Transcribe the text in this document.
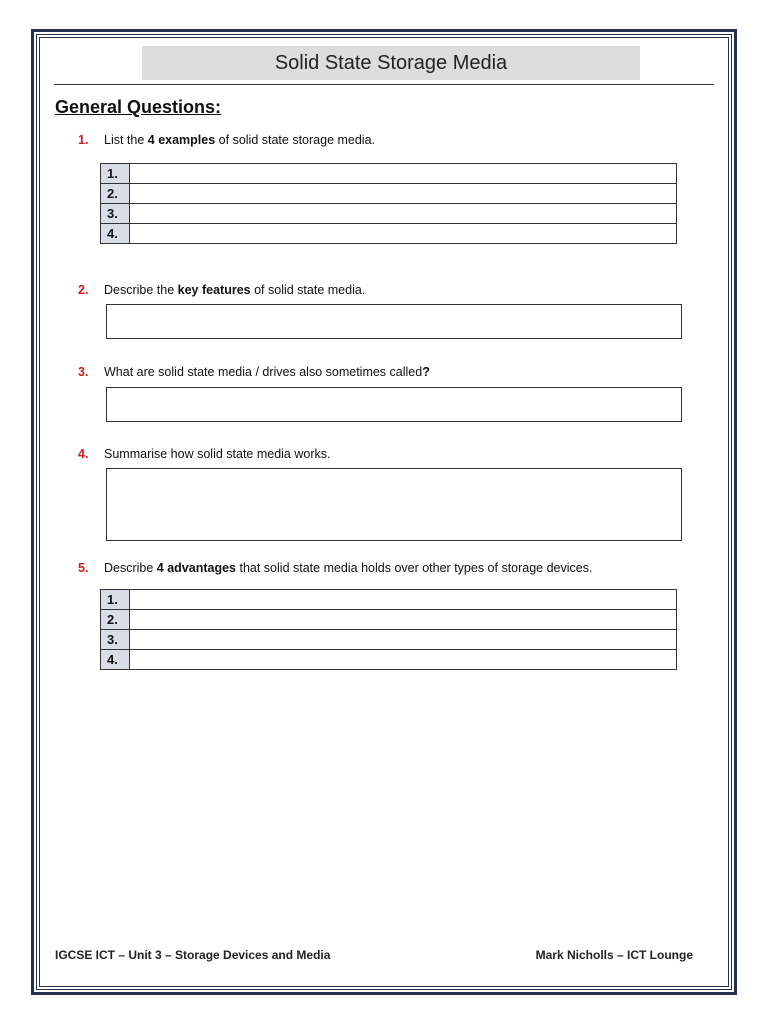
Solid State Storage Media
General Questions:
1.	List the 4 examples of solid state storage media.
1.	
2.	
3.	
4.	
2.	Describe the key features of solid state media.
3.	What are solid state media / drives also sometimes called?
4.	Summarise how solid state media works.
5.	Describe 4 advantages that solid state media holds over other types of storage devices.
1.	
2.	
3.	
4.	
IGCSE ICT – Unit 3 – Storage Devices and Media	Mark Nicholls – ICT Lounge
